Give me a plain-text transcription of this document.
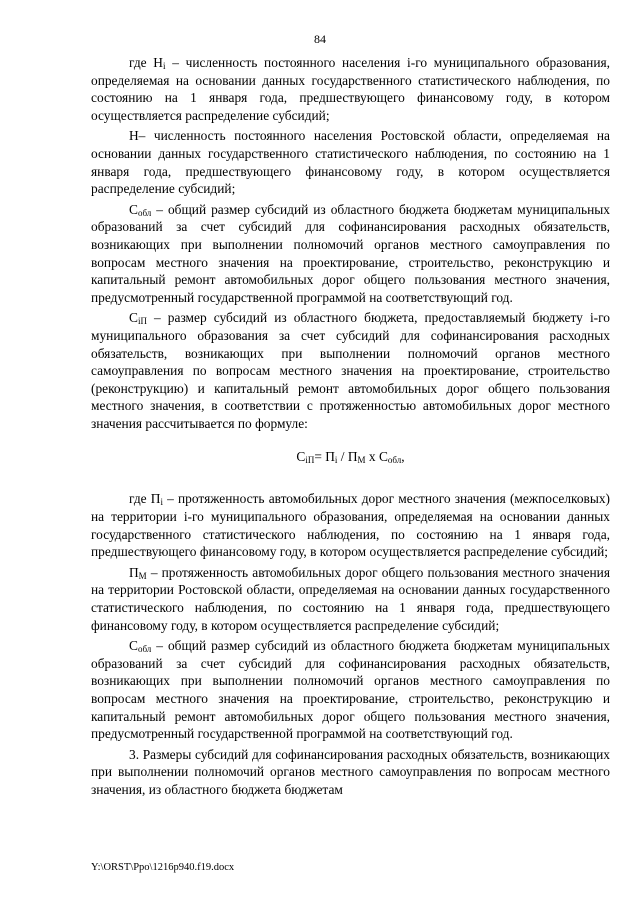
84

где $Н_i$ – численность постоянного населения i-го муниципального образования, определяемая на основании данных государственного статистического наблюдения, по состоянию на 1 января года, предшествующего финансовому году, в котором осуществляется распределение субсидий;

Н– численность постоянного населения Ростовской области, определяемая на основании данных государственного статистического наблюдения, по состоянию на 1 января года, предшествующего финансовому году, в котором осуществляется распределение субсидий;

$С_{обл}$ – общий размер субсидий из областного бюджета бюджетам муниципальных образований за счет субсидий для софинансирования расходных обязательств, возникающих при выполнении полномочий органов местного самоуправления по вопросам местного значения на проектирование, строительство, реконструкцию и капитальный ремонт автомобильных дорог общего пользования местного значения, предусмотренный государственной программой на соответствующий год.

$С_{iП}$ – размер субсидий из областного бюджета, предоставляемый бюджету i-го муниципального образования за счет субсидий для софинансирования расходных обязательств, возникающих при выполнении полномочий органов местного самоуправления по вопросам местного значения на проектирование, строительство (реконструкцию) и капитальный ремонт автомобильных дорог общего пользования местного значения, в соответствии с протяженностью автомобильных дорог местного значения рассчитывается по формуле:

$С_{iП}= П_i / П_М$ х $С_{обл}$,

где $П_i$ – протяженность автомобильных дорог местного значения (межпоселковых) на территории i-го муниципального образования, определяемая на основании данных государственного статистического наблюдения, по состоянию на 1 января года, предшествующего финансовому году, в котором осуществляется распределение субсидий;

$П_М$ – протяженность автомобильных дорог общего пользования местного значения на территории Ростовской области, определяемая на основании данных государственного статистического наблюдения, по состоянию на 1 января года, предшествующего финансовому году, в котором осуществляется распределение субсидий;

$С_{обл}$ – общий размер субсидий из областного бюджета бюджетам муниципальных образований за счет субсидий для софинансирования расходных обязательств, возникающих при выполнении полномочий органов местного самоуправления по вопросам местного значения на проектирование, строительство, реконструкцию и капитальный ремонт автомобильных дорог общего пользования местного значения, предусмотренный государственной программой на соответствующий год.

3. Размеры субсидий для софинансирования расходных обязательств, возникающих при выполнении полномочий органов местного самоуправления по вопросам местного значения, из областного бюджета бюджетам

Y:\ORST\Ppo\1216p940.f19.docx
